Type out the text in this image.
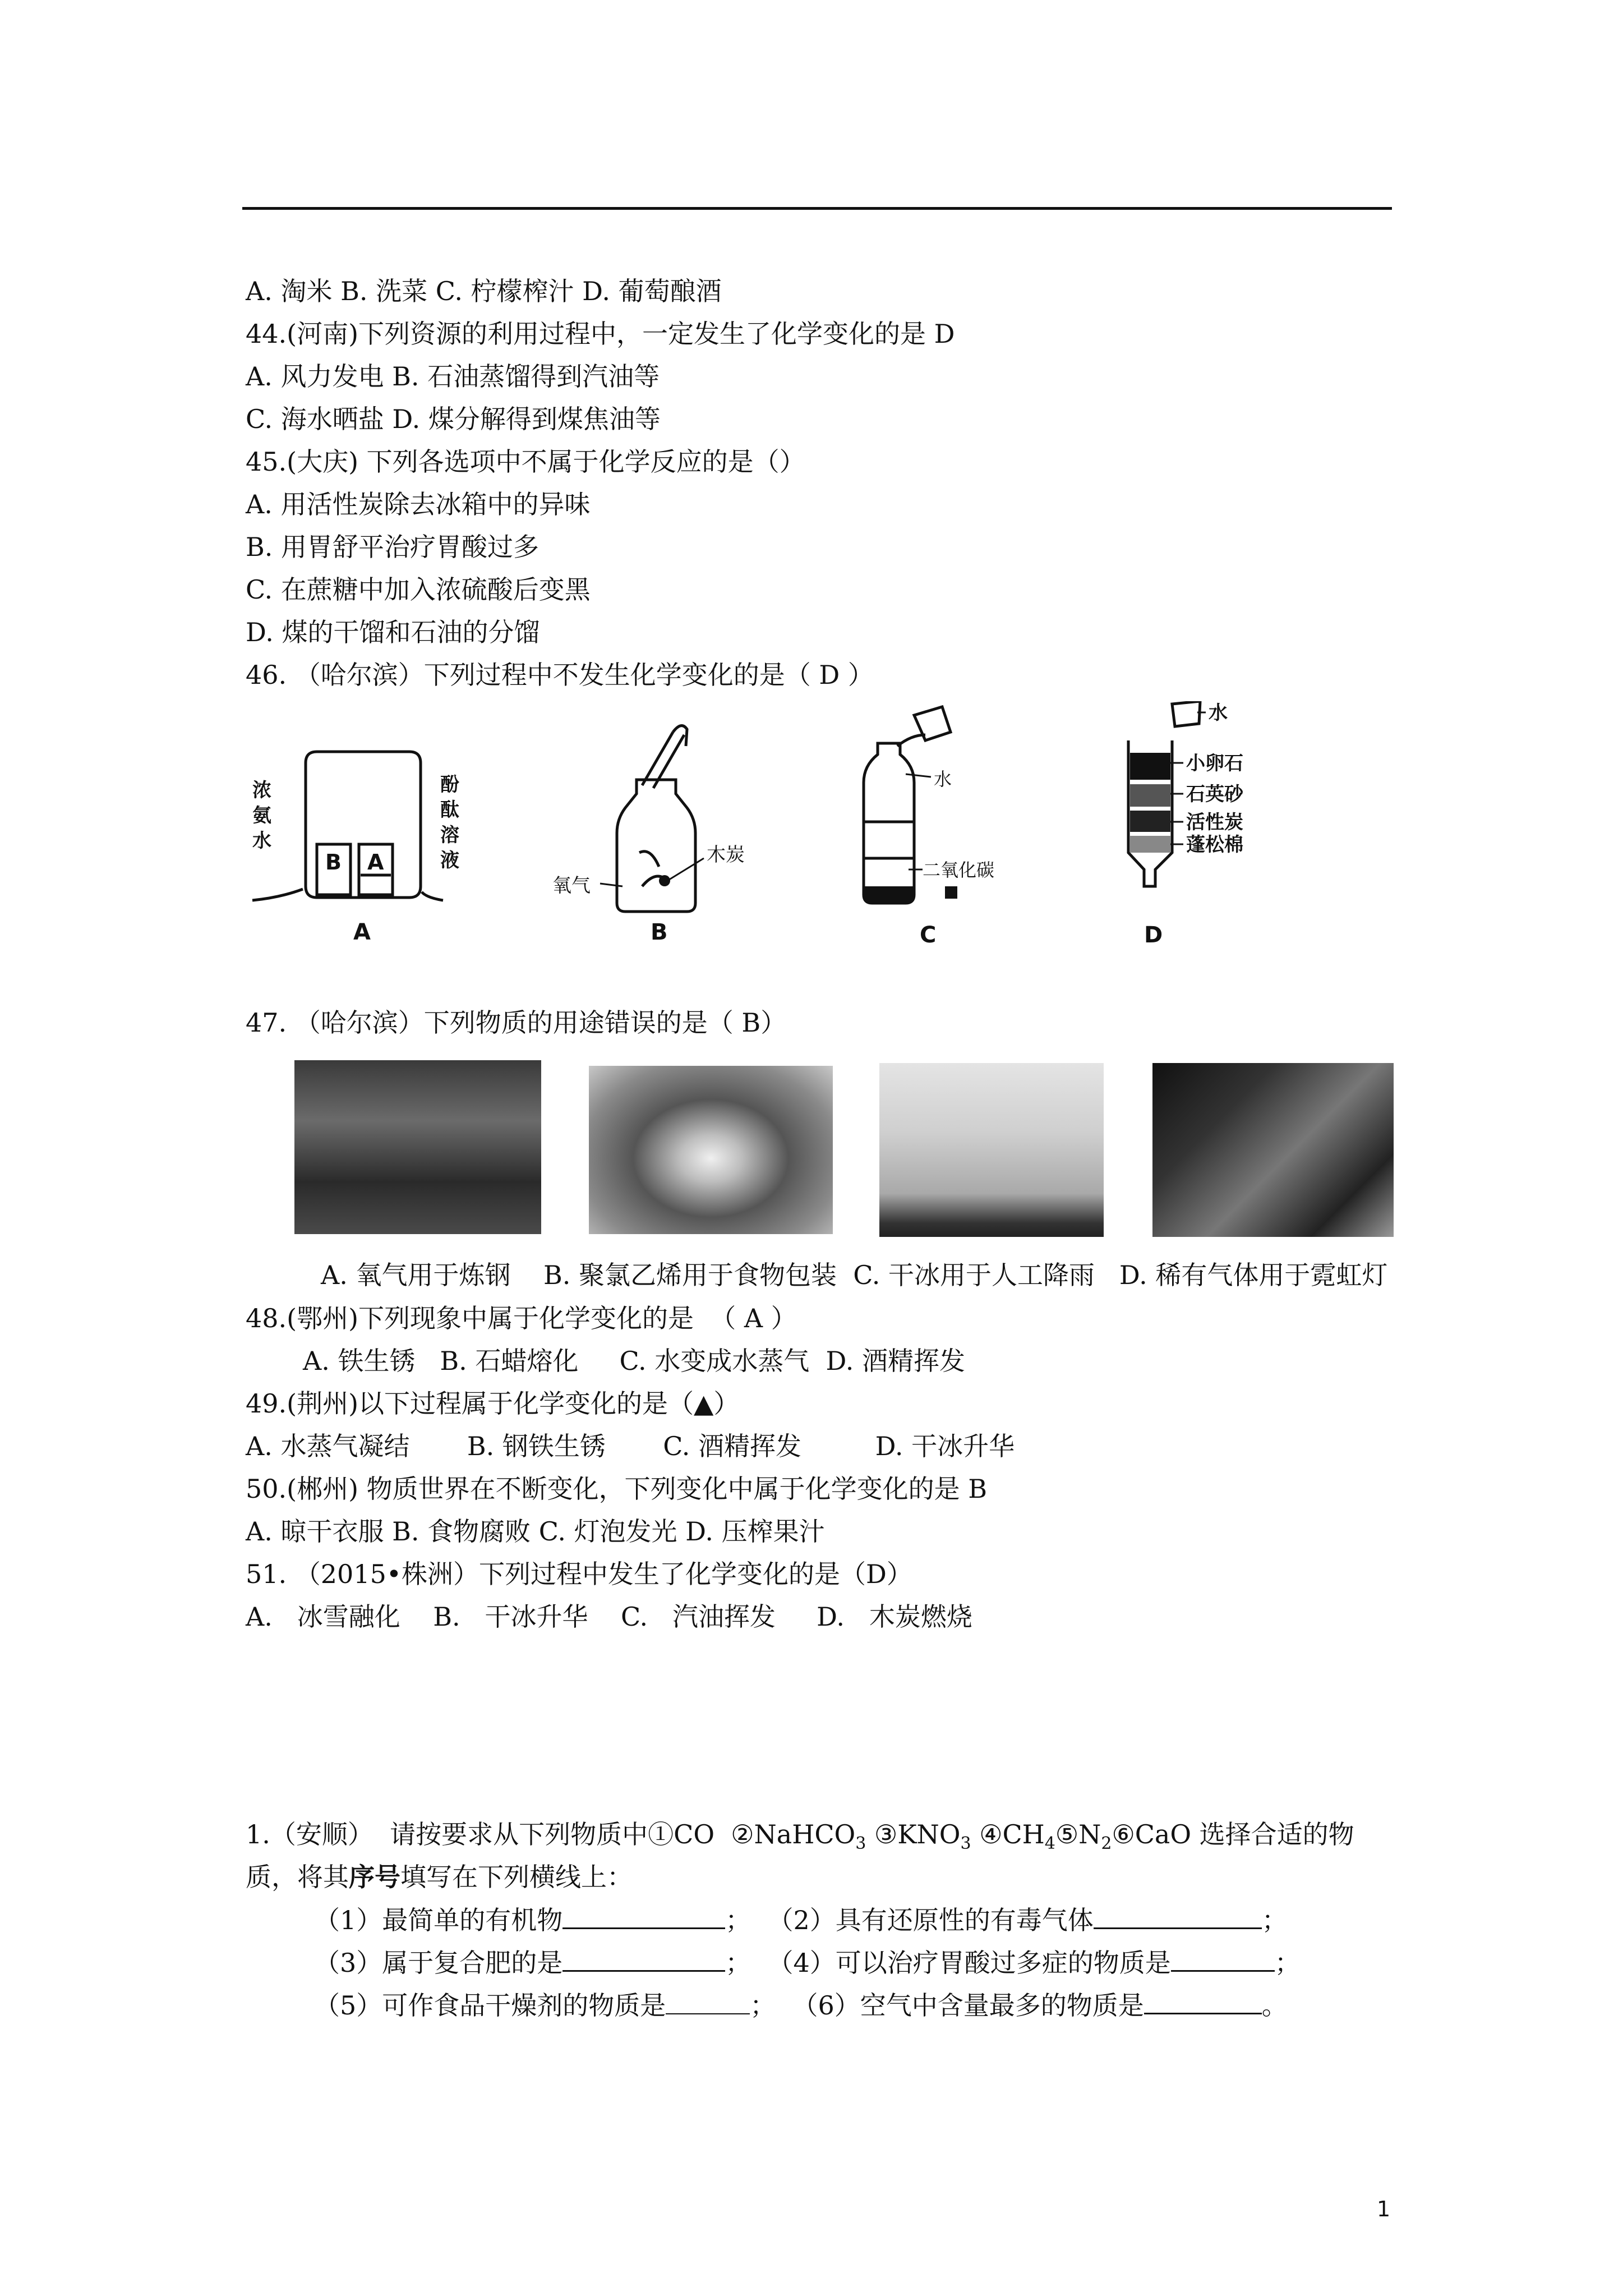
A. 淘米 B. 洗菜 C. 柠檬榨汁 D. 葡萄酿酒
44.(河南)下列资源的利用过程中，一定发生了化学变化的是 D
A. 风力发电 B. 石油蒸馏得到汽油等
C. 海水晒盐 D. 煤分解得到煤焦油等
45.(大庆) 下列各选项中不属于化学反应的是（）
A. 用活性炭除去冰箱中的异味
B. 用胃舒平治疗胃酸过多
C. 在蔗糖中加入浓硫酸后变黑
D. 煤的干馏和石油的分馏
46. （哈尔滨）下列过程中不发生化学变化的是（ D ）
浓
氨
水
酚
酞
溶
液
B A
A
氧气
木炭
B
水
二氧化碳
C
水
小卵石
石英砂
活性炭
蓬松棉
D
47. （哈尔滨）下列物质的用途错误的是（ B）
A. 氧气用于炼钢    B. 聚氯乙烯用于食物包装  C. 干冰用于人工降雨   D. 稀有气体用于霓虹灯
48.(鄂州)下列现象中属于化学变化的是  （ A ）
A. 铁生锈   B. 石蜡熔化     C. 水变成水蒸气  D. 酒精挥发
49.(荆州)以下过程属于化学变化的是（▲）
A. 水蒸气凝结       B. 钢铁生锈       C. 酒精挥发         D. 干冰升华
50.(郴州) 物质世界在不断变化，下列变化中属于化学变化的是 B
A. 晾干衣服 B. 食物腐败 C. 灯泡发光 D. 压榨果汁
51. （2015•株洲）下列过程中发生了化学变化的是（D）
A.   冰雪融化    B.   干冰升华    C.   汽油挥发     D.   木炭燃烧
1.（安顺）  请按要求从下列物质中①CO  ②NaHCO$_3$ $③KNO_3$ $④CH_4⑤N_2⑥CaO$ 选择合适的物
质，将其序号填写在下列横线上：
（1）最简单的有机物	；  （2）具有还原性的有毒气体	；
（3）属于复合肥的是	；  （4）可以治疗胃酸过多症的物质是	；
（5）可作食品干燥剂的物质是	；  （6）空气中含量最多的物质是	。
1
